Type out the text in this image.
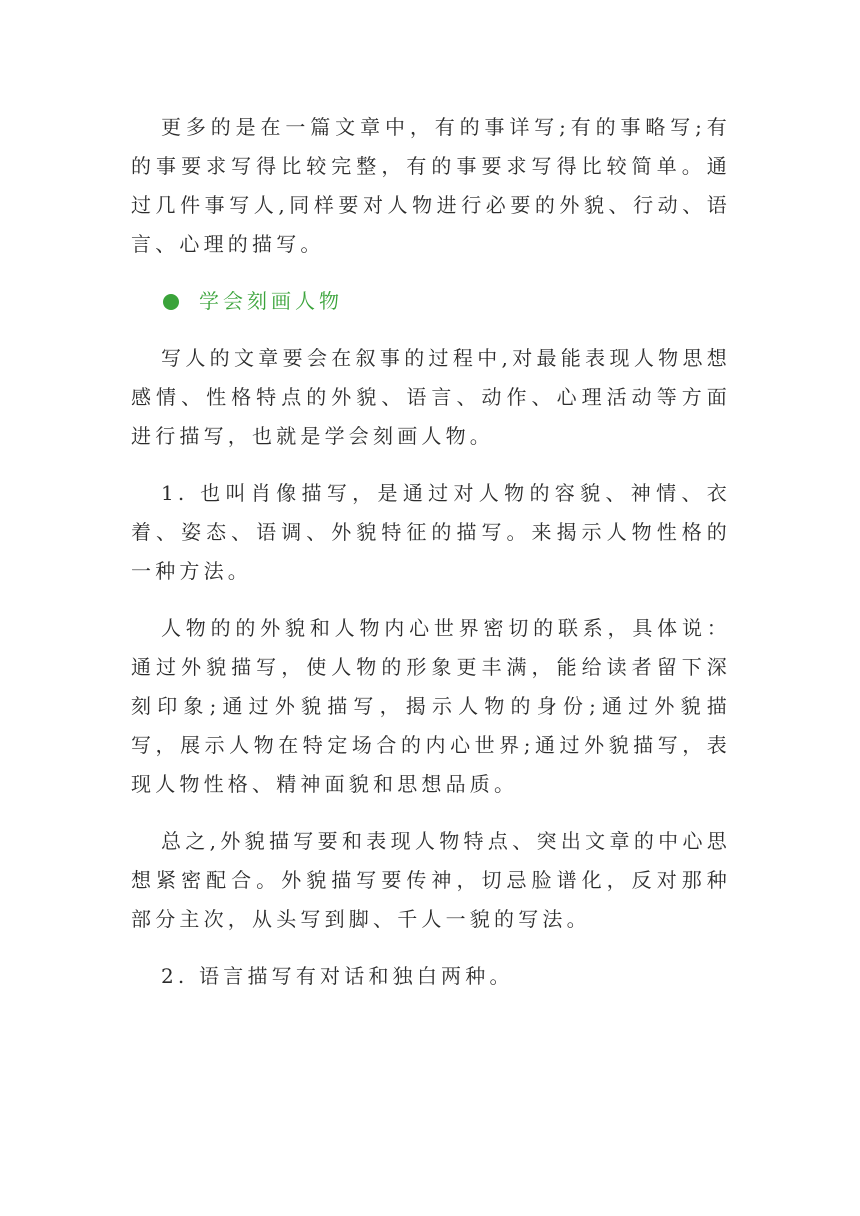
更多的是在一篇文章中，有的事详写;有的事略写;有的事要求写得比较完整，有的事要求写得比较简单。通过几件事写人,同样要对人物进行必要的外貌、行动、语言、心理的描写。

学会刻画人物

写人的文章要会在叙事的过程中,对最能表现人物思想感情、性格特点的外貌、语言、动作、心理活动等方面进行描写，也就是学会刻画人物。

1. 也叫肖像描写，是通过对人物的容貌、神情、衣着、姿态、语调、外貌特征的描写。来揭示人物性格的一种方法。

人物的的外貌和人物内心世界密切的联系，具体说：通过外貌描写，使人物的形象更丰满，能给读者留下深刻印象;通过外貌描写，揭示人物的身份;通过外貌描写，展示人物在特定场合的内心世界;通过外貌描写，表现人物性格、精神面貌和思想品质。

总之,外貌描写要和表现人物特点、突出文章的中心思想紧密配合。外貌描写要传神，切忌脸谱化，反对那种部分主次，从头写到脚、千人一貌的写法。

2. 语言描写有对话和独白两种。
